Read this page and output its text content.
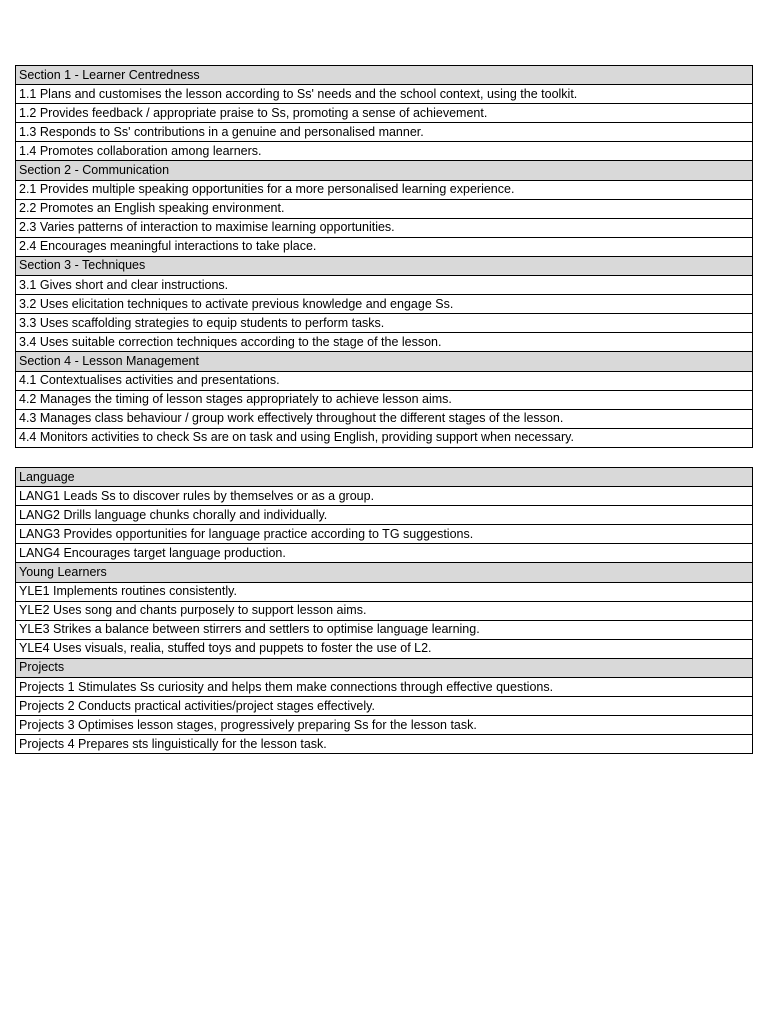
Section 1 - Learner Centredness
1.1 Plans and customises the lesson according to Ss' needs and the school context, using the toolkit.
1.2 Provides feedback / appropriate praise to Ss, promoting a sense of achievement.
1.3 Responds to Ss' contributions in a genuine and personalised manner.
1.4 Promotes collaboration among learners.
Section 2 - Communication
2.1 Provides multiple speaking opportunities for a more personalised learning experience.
2.2 Promotes an English speaking environment.
2.3 Varies patterns of interaction to maximise learning opportunities.
2.4 Encourages meaningful interactions to take place.
Section 3 - Techniques
3.1 Gives short and clear instructions.
3.2 Uses elicitation techniques to activate previous knowledge and engage Ss.
3.3 Uses scaffolding strategies to equip students to perform tasks.
3.4 Uses suitable correction techniques according to the stage of the lesson.
Section 4 - Lesson Management
4.1 Contextualises activities and presentations.
4.2 Manages the timing of lesson stages appropriately to achieve lesson aims.
4.3 Manages class behaviour / group work effectively throughout the different stages of the lesson.
4.4 Monitors activities to check Ss are on task and using English, providing support when necessary.
Language
LANG1 Leads Ss to discover rules by themselves or as a group.
LANG2 Drills language chunks chorally and individually.
LANG3 Provides opportunities for language practice according to TG suggestions.
LANG4 Encourages target language production.
Young Learners
YLE1 Implements routines consistently.
YLE2 Uses song and chants purposely to support lesson aims.
YLE3 Strikes a balance between stirrers and settlers to optimise language learning.
YLE4 Uses visuals, realia, stuffed toys and puppets to foster the use of L2.
Projects
Projects 1 Stimulates Ss curiosity and helps them make connections through effective questions.
Projects 2 Conducts practical activities/project stages effectively.
Projects 3 Optimises lesson stages, progressively preparing Ss for the lesson task.
Projects 4 Prepares sts linguistically for the lesson task.
